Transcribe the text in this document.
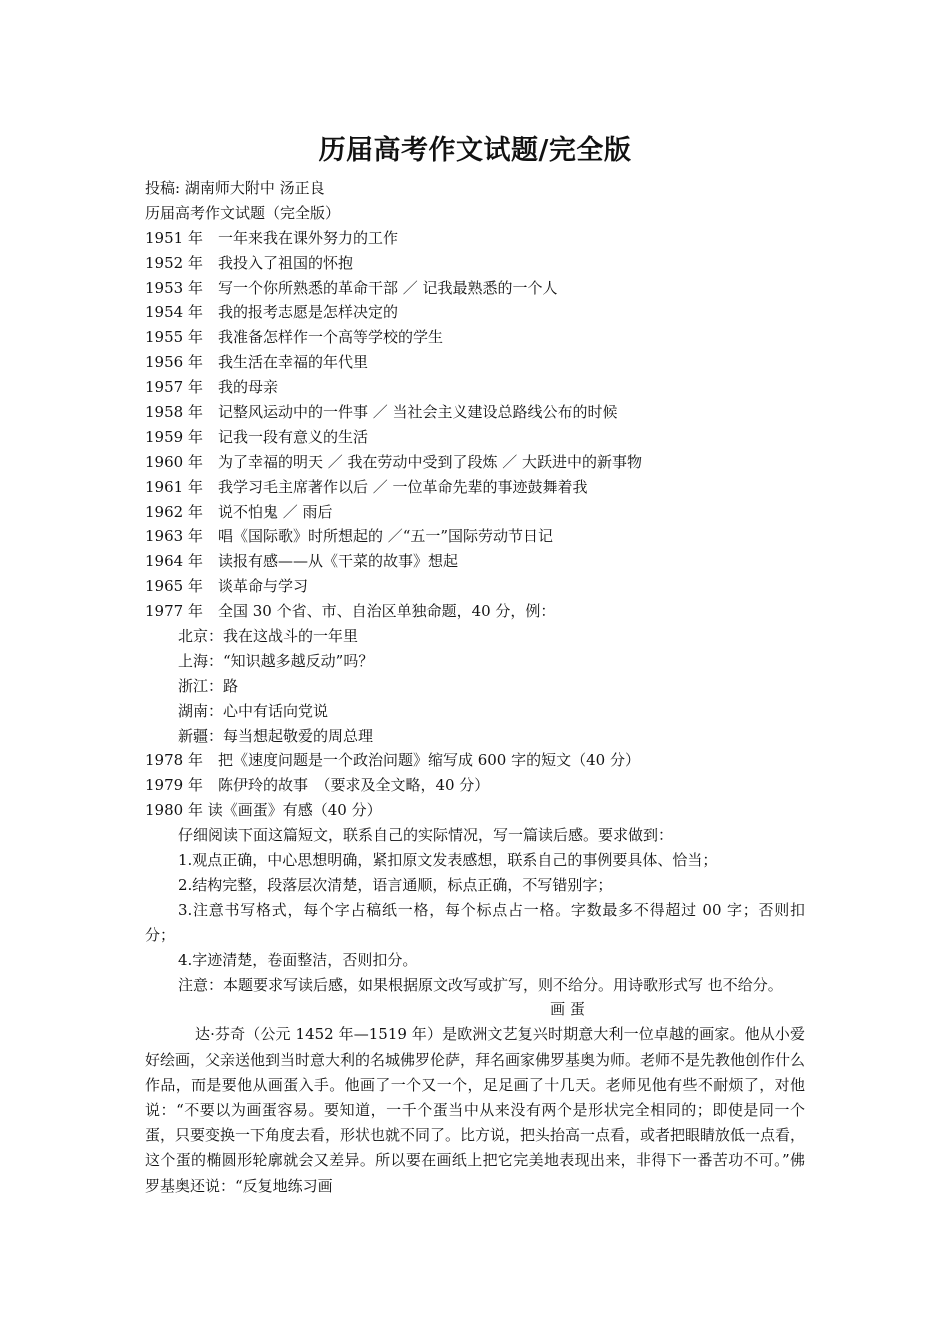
历届高考作文试题/完全版
投稿: 湖南师大附中 汤正良
历届高考作文试题（完全版）
1951 年　一年来我在课外努力的工作
1952 年　我投入了祖国的怀抱
1953 年　写一个你所熟悉的革命干部 ／ 记我最熟悉的一个人
1954 年　我的报考志愿是怎样决定的
1955 年　我准备怎样作一个高等学校的学生
1956 年　我生活在幸福的年代里
1957 年　我的母亲
1958 年　记整风运动中的一件事 ／ 当社会主义建设总路线公布的时候
1959 年　记我一段有意义的生活
1960 年　为了幸福的明天 ／ 我在劳动中受到了段炼 ／ 大跃进中的新事物
1961 年　我学习毛主席著作以后 ／ 一位革命先辈的事迹鼓舞着我
1962 年　说不怕鬼 ／ 雨后
1963 年　唱《国际歌》时所想起的 ／“五一”国际劳动节日记
1964 年　读报有感——从《干菜的故事》想起
1965 年　谈革命与学习
1977 年　全国 30 个省、市、自治区单独命题，40 分，例：
北京：我在这战斗的一年里
上海：“知识越多越反动”吗？
浙江：路
湖南：心中有话向党说
新疆：每当想起敬爱的周总理
1978 年　把《速度问题是一个政治问题》缩写成 600 字的短文（40 分）
1979 年　陈伊玲的故事　（要求及全文略，40 分）
1980 年 读《画蛋》有感（40 分）
仔细阅读下面这篇短文，联系自己的实际情况，写一篇读后感。要求做到：
1.观点正确，中心思想明确，紧扣原文发表感想，联系自己的事例要具体、恰当；
2.结构完整，段落层次清楚，语言通顺，标点正确，不写错别字；
3.注意书写格式，每个字占稿纸一格，每个标点占一格。字数最多不得超过 00 字；否则扣分；
4.字迹清楚，卷面整洁，否则扣分。
注意：本题要求写读后感，如果根据原文改写或扩写，则不给分。用诗歌形式写 也不给分。
画 蛋
达·芬奇（公元 1452 年—1519 年）是欧洲文艺复兴时期意大利一位卓越的画家。他从小爱好绘画，父亲送他到当时意大利的名城佛罗伦萨，拜名画家佛罗基奥为师。老师不是先教他创作什么作品，而是要他从画蛋入手。他画了一个又一个，足足画了十几天。老师见他有些不耐烦了，对他说：“不要以为画蛋容易。要知道，一千个蛋当中从来没有两个是形状完全相同的；即使是同一个蛋，只要变换一下角度去看，形状也就不同了。比方说，把头抬高一点看，或者把眼睛放低一点看，这个蛋的椭圆形轮廓就会又差异。所以要在画纸上把它完美地表现出来，非得下一番苦功不可。”佛罗基奥还说：“反复地练习画
